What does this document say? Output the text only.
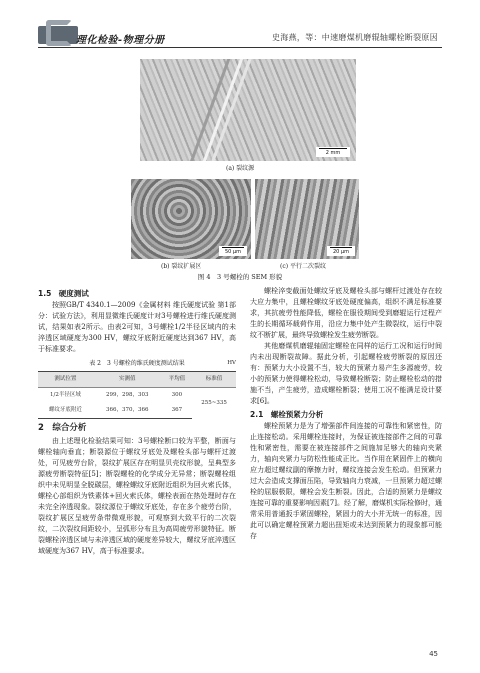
理化检验-物理分册	史海燕，等：中速磨煤机磨辊轴螺栓断裂原因
2 mm
(a) 裂纹源
50 μm	20 μm
(b) 裂纹扩展区	(c) 平行二次裂纹
图 4　3 号螺栓的 SEM 形貌
1.5　硬度测试

按照GB/T 4340.1—2009《金属材料 维氏硬度试验 第1部分：试验方法》，利用显微维氏硬度计对3号螺栓进行维氏硬度测试，结果如表2所示。由表2可知，3号螺栓1/2半径区域内的未淬透区域硬度为300 HV，螺纹牙底附近硬度达到367 HV，高于标准要求。

表 2　3 号螺栓的维氏硬度测试结果	HV
测试位置	实测值	平均值	标准值
1/2半径区域	299，298，303	300	255~335
螺纹牙底附近	366，370，366	367	
2　综合分析

由上述理化检验结果可知：3号螺栓断口较为平整，断面与螺栓轴向垂直；断裂源位于螺纹牙底处及螺栓头部与螺杆过渡处，可见疲劳台阶，裂纹扩展区存在明显贝壳纹形貌，呈典型多源疲劳断裂特征[5]；断裂螺栓的化学成分无异常；断裂螺栓组织中未见明显全脱碳层，螺栓螺纹牙底附近组织为回火索氏体，螺栓心部组织为铁素体+回火索氏体，螺栓表面在热处理时存在未完全淬透现象。裂纹源位于螺纹牙底处，存在多个疲劳台阶，裂纹扩展区呈疲劳条带微观形貌，可观察到大致平行的二次裂纹，二次裂纹间距较小，呈弧形分布且为高周疲劳形貌特征。断裂螺栓淬透区域与未淬透区域的硬度差异较大，螺纹牙底淬透区域硬度为367 HV，高于标准要求。

螺栓淬变截面处螺纹牙底及螺栓头部与螺杆过渡处存在较大应力集中，且螺栓螺纹牙底处硬度偏高，组织不满足标准要求，其抗疲劳性能降低，螺栓在服役期间受到磨辊运行过程产生的长期循环载荷作用，沿应力集中处产生微裂纹，运行中裂纹不断扩展，最终导致螺栓发生疲劳断裂。

其他磨煤机磨辊轴固定螺栓在同样的运行工况和运行时间内未出现断裂故障。据此分析，引起螺栓疲劳断裂的原因还有：预紧力大小设置不当，较大的预紧力易产生多源疲劳，较小的预紧力使得螺栓松动，导致螺栓断裂；防止螺栓松动的措施不当，产生疲劳，造成螺栓断裂；使用工况不能满足设计要求[6]。

2.1　螺栓预紧力分析

螺栓预紧力是为了增强部件间连接的可靠性和紧密性，防止连接松动。采用螺栓连接时，为保证被连接部件之间的可靠性和紧密性，需要在被连接部件之间施加足够大的轴向夹紧力，轴向夹紧力与防松性能成正比。当作用在紧固件上的横向应力超过螺纹副的摩擦力时，螺纹连接会发生松动。但预紧力过大会造成支撑面压陷，导致轴向力衰减，一旦预紧力超过螺栓的屈服极限，螺栓会发生断裂。因此，合适的预紧力是螺纹连接可靠的重要影响因素[7]。经了解，磨煤机实际检修时，通常采用普通扳手紧固螺栓，紧固力的大小并无统一的标准，因此可以确定螺栓预紧力超出扭矩或未达到预紧力的现象都可能存

45
